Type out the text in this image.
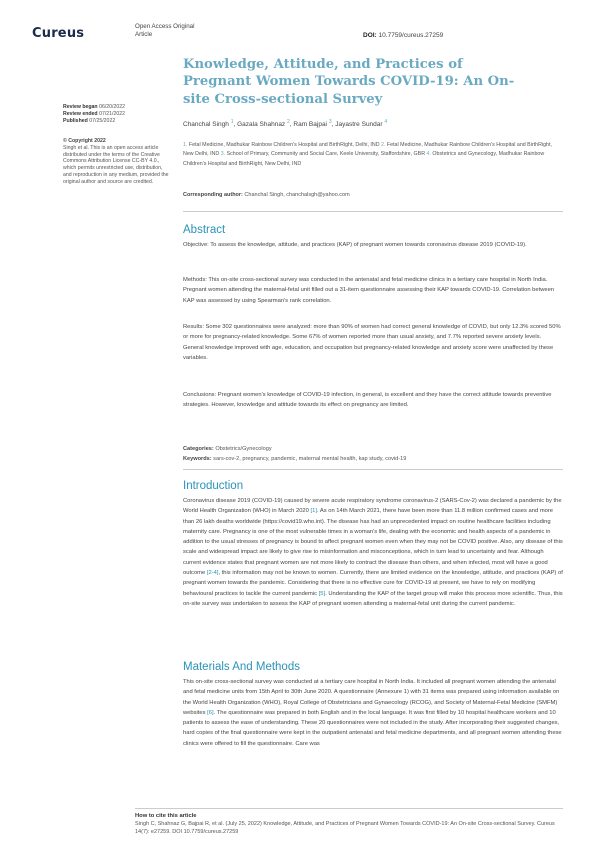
Cureus	Open Access Original
Article	DOI: 10.7759/cureus.27259
Review began 06/20/2022
Review ended 07/21/2022
Published 07/25/2022
© Copyright 2022
Singh et al. This is an open access article distributed under the terms of the Creative Commons Attribution License CC-BY 4.0., which permits unrestricted use, distribution, and reproduction in any medium, provided the original author and source are credited.
Knowledge, Attitude, and Practices of Pregnant Women Towards COVID-19: An On-site Cross-sectional Survey
Chanchal Singh $^1$, Gazala Shahnaz $^2$, Ram Bajpai $^3$, Jayastre Sundar $^4$
1. Fetal Medicine, Madhukar Rainbow Children's Hospital and BirthRight, Delhi, IND 2. Fetal Medicine, Madhukar Rainbow Children's Hospital and BirthRight, New Delhi, IND 3. School of Primary, Community and Social Care, Keele University, Staffordshire, GBR 4. Obstetrics and Gynecology, Madhukar Rainbow Children's Hospital and BirthRight, New Delhi, IND
Corresponding author: Chanchal Singh, chanchalsgh@yahoo.com
Abstract
Objective: To assess the knowledge, attitude, and practices (KAP) of pregnant women towards coronavirus disease 2019 (COVID-19).
Methods: This on-site cross-sectional survey was conducted in the antenatal and fetal medicine clinics in a tertiary care hospital in North India. Pregnant women attending the maternal-fetal unit filled out a 31-item questionnaire assessing their KAP towards COVID-19. Correlation between KAP was assessed by using Spearman's rank correlation.
Results: Some 302 questionnaires were analyzed: more than 90% of women had correct general knowledge of COVID, but only 12.3% scored 50% or more for pregnancy-related knowledge. Some 67% of women reported more than usual anxiety, and 7.7% reported severe anxiety levels. General knowledge improved with age, education, and occupation but pregnancy-related knowledge and anxiety score were unaffected by these variables.
Conclusions: Pregnant women's knowledge of COVID-19 infection, in general, is excellent and they have the correct attitude towards preventive strategies. However, knowledge and attitude towards its effect on pregnancy are limited.
Categories: Obstetrics/Gynecology
Keywords: sars-cov-2, pregnancy, pandemic, maternal mental health, kap study, covid-19
Introduction
Coronavirus disease 2019 (COVID-19) caused by severe acute respiratory syndrome coronavirus-2 (SARS-Cov-2) was declared a pandemic by the World Health Organization (WHO) in March 2020 [1]. As on 14th March 2021, there have been more than 11.8 million confirmed cases and more than 26 lakh deaths worldwide (https://covid19.who.int). The disease has had an unprecedented impact on routine healthcare facilities including maternity care. Pregnancy is one of the most vulnerable times in a woman's life, dealing with the economic and health aspects of a pandemic in addition to the usual stresses of pregnancy is bound to affect pregnant women even when they may not be COVID positive. Also, any disease of this scale and widespread impact are likely to give rise to misinformation and misconceptions, which in turn lead to uncertainty and fear. Although current evidence states that pregnant women are not more likely to contract the disease than others, and when infected, most will have a good outcome [2-4], this information may not be known to women. Currently, there are limited evidence on the knowledge, attitude, and practices (KAP) of pregnant women towards the pandemic. Considering that there is no effective cure for COVID-19 at present, we have to rely on modifying behavioural practices to tackle the current pandemic [5]. Understanding the KAP of the target group will make this process more scientific. Thus, this on-site survey was undertaken to assess the KAP of pregnant women attending a maternal-fetal unit during the current pandemic.
Materials And Methods
This on-site cross-sectional survey was conducted at a tertiary care hospital in North India. It included all pregnant women attending the antenatal and fetal medicine units from 15th April to 30th June 2020. A questionnaire (Annexure 1) with 31 items was prepared using information available on the World Health Organization (WHO), Royal College of Obstetricians and Gynaecology (RCOG), and Society of Maternal-Fetal Medicine (SMFM) websites [6]. The questionnaire was prepared in both English and in the local language. It was first filled by 10 hospital healthcare workers and 10 patients to assess the ease of understanding. These 20 questionnaires were not included in the study. After incorporating their suggested changes, hard copies of the final questionnaire were kept in the outpatient antenatal and fetal medicine departments, and all pregnant women attending these clinics were offered to fill the questionnaire. Care was
How to cite this article
Singh C, Shahnaz G, Bajpai R, et al. (July 25, 2022) Knowledge, Attitude, and Practices of Pregnant Women Towards COVID-19: An On-site Cross-sectional Survey. Cureus 14(7): e27259. DOI 10.7759/cureus.27259
